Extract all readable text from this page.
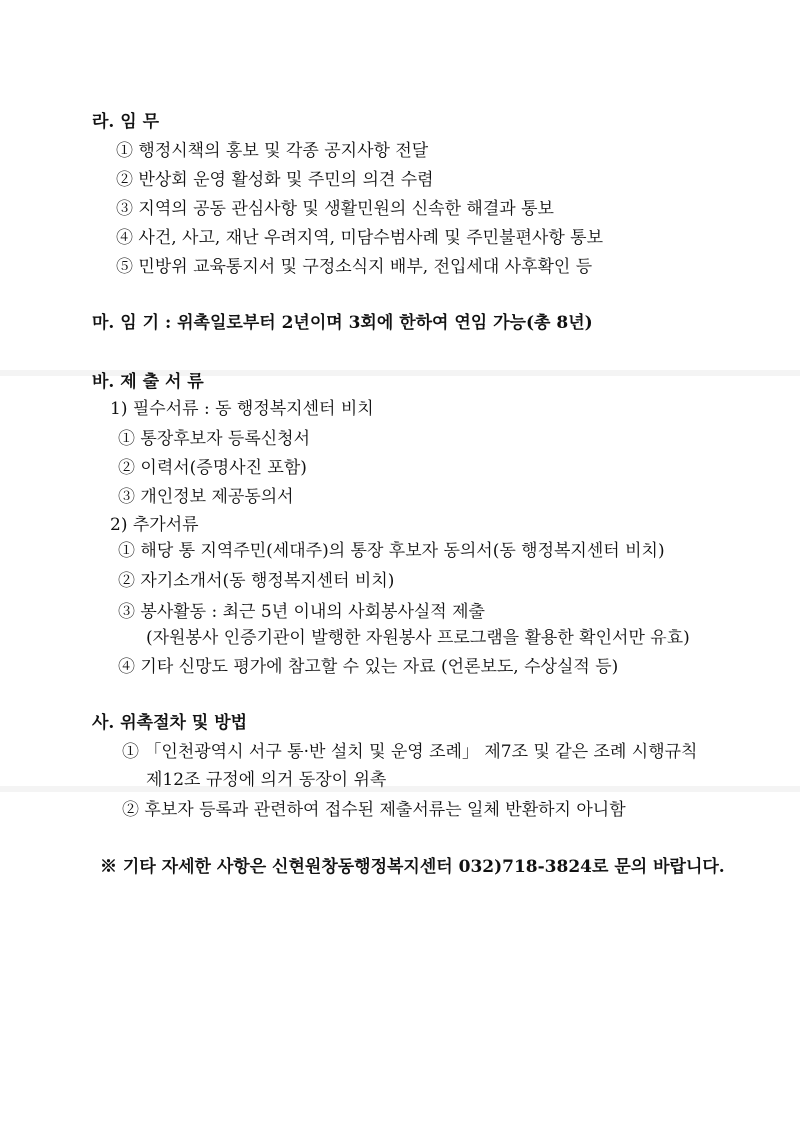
라. 임 무
① 행정시책의 홍보 및 각종 공지사항 전달
② 반상회 운영 활성화 및 주민의 의견 수렴
③ 지역의 공동 관심사항 및 생활민원의 신속한 해결과 통보
④ 사건, 사고, 재난 우려지역, 미담수범사례 및 주민불편사항 통보
⑤ 민방위 교육통지서 및 구정소식지 배부, 전입세대 사후확인 등
마. 임 기 : 위촉일로부터 2년이며 3회에 한하여 연임 가능(총 8년)
바. 제 출 서 류
1) 필수서류 : 동 행정복지센터 비치
① 통장후보자 등록신청서
② 이력서(증명사진 포함)
③ 개인정보 제공동의서
2) 추가서류
① 해당 통 지역주민(세대주)의 통장 후보자 동의서(동 행정복지센터 비치)
② 자기소개서(동 행정복지센터 비치)
③ 봉사활동 : 최근 5년 이내의 사회봉사실적 제출
(자원봉사 인증기관이 발행한 자원봉사 프로그램을 활용한 확인서만 유효)
④ 기타 신망도 평가에 참고할 수 있는 자료 (언론보도, 수상실적 등)
사. 위촉절차 및 방법
① 「인천광역시 서구 통·반 설치 및 운영 조례」 제7조 및 같은 조례 시행규칙
제12조 규정에 의거 동장이 위촉
② 후보자 등록과 관련하여 접수된 제출서류는 일체 반환하지 아니함
※ 기타 자세한 사항은 신현원창동행정복지센터 032)718-3824로 문의 바랍니다.
